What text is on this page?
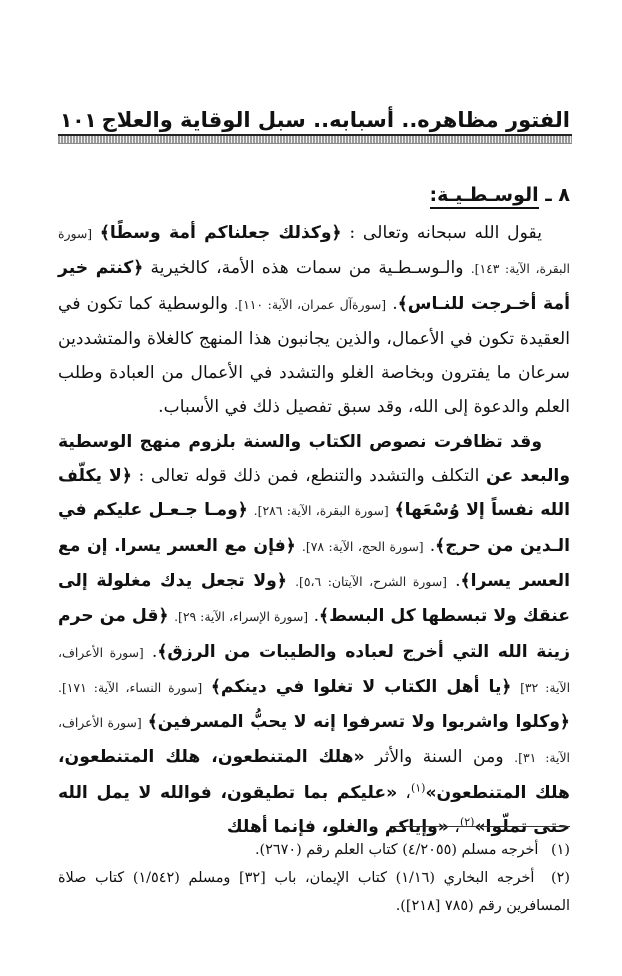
الفتور مظاهره.. أسبابه.. سبل الوقاية والعلاج
١٠١
٨ ـ الوسـطـيـة:

يقول الله سبحانه وتعالى : ﴿وكذلك جعلناكم أمة وسطًا﴾ [سورة البقرة، الآية: ١٤٣]. والـوسـطـية من سمات هذه الأمة، كالخيرية ﴿كنتم خير أمة أخـرجت للنـاس﴾. [سورةآل عمران، الآية: ١١٠]. والوسطية كما تكون في العقيدة تكون في الأعمال، والذين يجانبون هذا المنهج كالغلاة والمتشددين سرعان ما يفترون وبخاصة الغلو والتشدد في الأعمال من العبادة وطلب العلم والدعوة إلى الله، وقد سبق تفصيل ذلك في الأسباب.

وقد تظافرت نصوص الكتاب والسنة بلزوم منهج الوسطية والبعد عن التكلف والتشدد والتنطع، فمن ذلك قوله تعالى : ﴿لا يكلّف الله نفساً إلا وُسْعَها﴾ [سورة البقرة، الآية: ٢٨٦]. ﴿ومـا جـعـل عليكم في الـدين من حرج﴾. [سورة الحج، الآية: ٧٨]. ﴿فإن مع العسر يسرا. إن مع العسر يسرا﴾. [سورة الشرح، الآيتان: ٥،٦]. ﴿ولا تجعل يدك مغلولة إلى عنقك ولا تبسطها كل البسط﴾. [سورة الإسراء، الآية: ٢٩]. ﴿قل من حرم زينة الله التي أخرج لعباده والطيبات من الرزق﴾. [سورة الأعراف، الآية: ٣٢] ﴿يا أهل الكتاب لا تغلوا في دينكم﴾ [سورة النساء، الآية: ١٧١]. ﴿وكلوا واشربوا ولا تسرفوا إنه لا يحبُّ المسرفين﴾ [سورة الأعراف، الآية: ٣١]. ومن السنة والأثر «هلك المتنطعون، هلك المتنطعون، هلك المتنطعون»$^{(١)}$، «عليكم بما تطيقون، فوالله لا يمل الله حتى تملّوا»$^{(٢)}$، «وإياكم والغلو، فإنما أهلك

(١) أخرجه مسلم (٤/٢٠٥٥) كتاب العلم رقم (٢٦٧٠).
(٢) أخرجه البخاري (١/١٦) كتاب الإيمان، باب [٣٢] ومسلم (١/٥٤٢) كتاب صلاة المسافرين رقم (٧٨٥ [٢١٨]).
